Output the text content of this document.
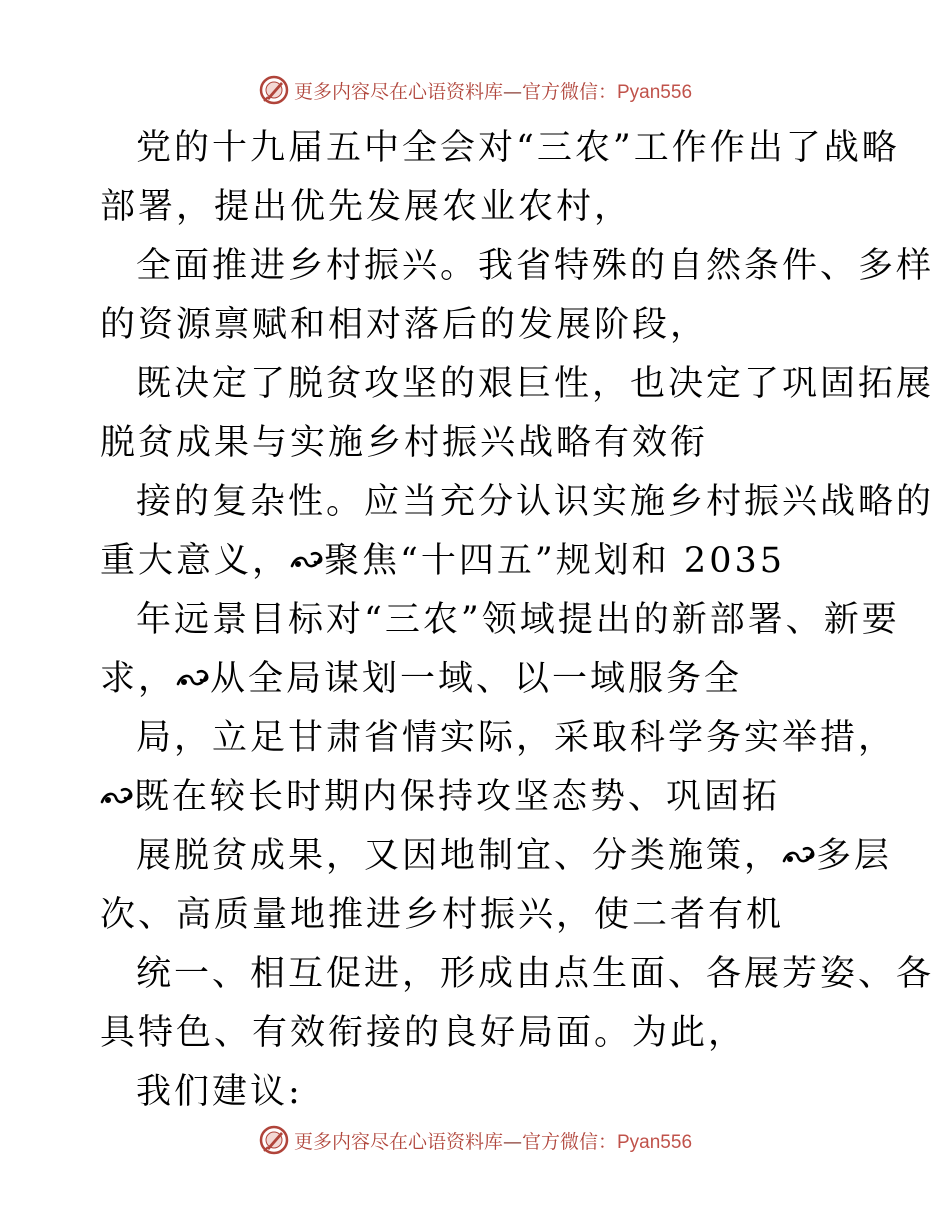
更多内容尽在心语资料库—官方微信：Pyan556
党的十九届五中全会对“三农”工作作出了战略
部署，提出优先发展农业农村，
全面推进乡村振兴。我省特殊的自然条件、多样
的资源禀赋和相对落后的发展阶段，
既决定了脱贫攻坚的艰巨性，也决定了巩固拓展
脱贫成果与实施乡村振兴战略有效衔
接的复杂性。应当充分认识实施乡村振兴战略的
重大意义， 聚焦“十四五”规划和 2035
年远景目标对“三农”领域提出的新部署、新要
求， 从全局谋划一域、以一域服务全
局，立足甘肃省情实际，采取科学务实举措，
既在较长时期内保持攻坚态势、巩固拓
展脱贫成果，又因地制宜、分类施策， 多层
次、高质量地推进乡村振兴，使二者有机
统一、相互促进，形成由点生面、各展芳姿、各
具特色、有效衔接的良好局面。为此，
我们建议:
更多内容尽在心语资料库—官方微信：Pyan556
